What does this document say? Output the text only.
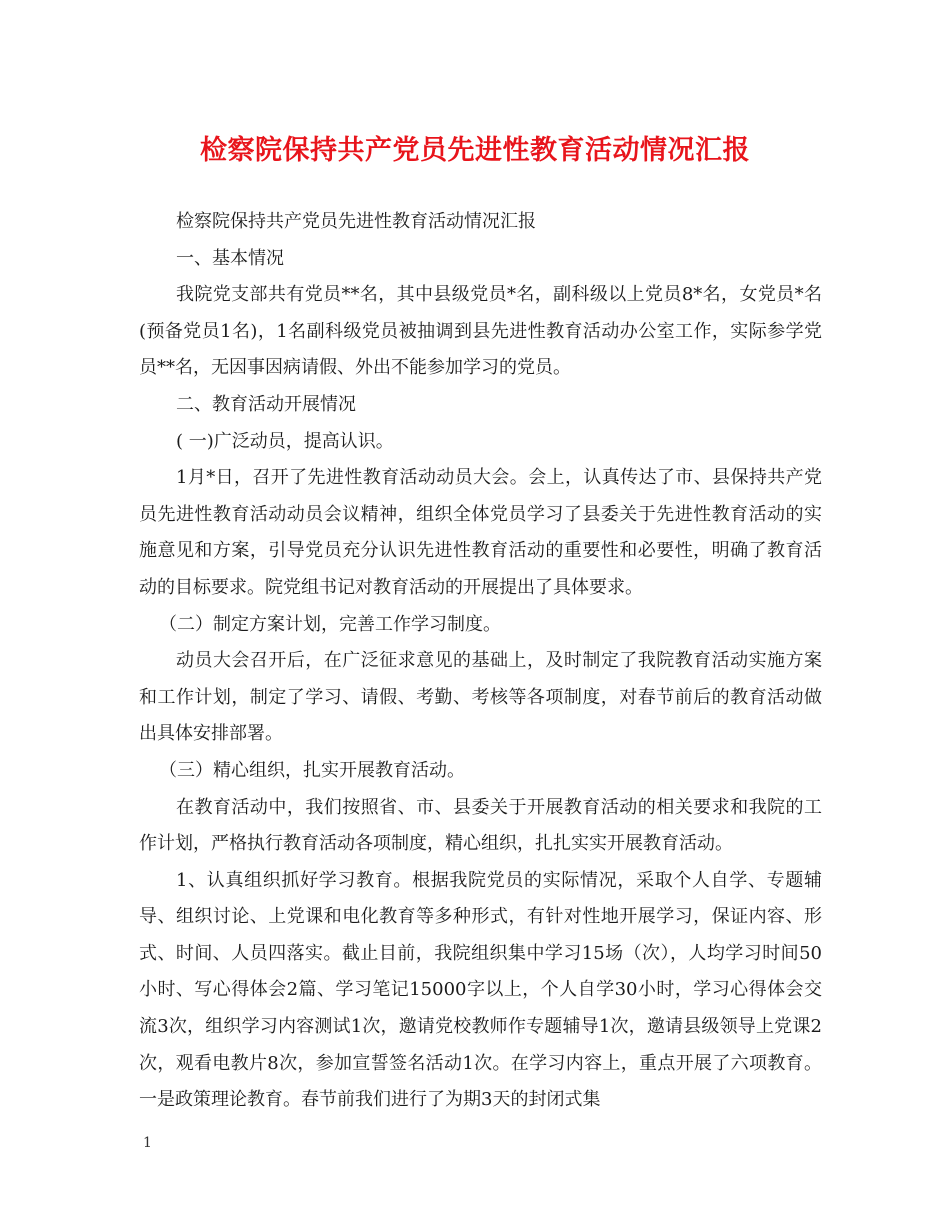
检察院保持共产党员先进性教育活动情况汇报

检察院保持共产党员先进性教育活动情况汇报

一、基本情况

我院党支部共有党员**名，其中县级党员*名，副科级以上党员8*名，女党员*名(预备党员1名)，1名副科级党员被抽调到县先进性教育活动办公室工作，实际参学党员**名，无因事因病请假、外出不能参加学习的党员。

二、教育活动开展情况

( 一)广泛动员，提高认识。

1月*日，召开了先进性教育活动动员大会。会上，认真传达了市、县保持共产党员先进性教育活动动员会议精神，组织全体党员学习了县委关于先进性教育活动的实施意见和方案，引导党员充分认识先进性教育活动的重要性和必要性，明确了教育活动的目标要求。院党组书记对教育活动的开展提出了具体要求。

（二）制定方案计划，完善工作学习制度。

动员大会召开后，在广泛征求意见的基础上，及时制定了我院教育活动实施方案和工作计划，制定了学习、请假、考勤、考核等各项制度，对春节前后的教育活动做出具体安排部署。

（三）精心组织，扎实开展教育活动。

在教育活动中，我们按照省、市、县委关于开展教育活动的相关要求和我院的工作计划，严格执行教育活动各项制度，精心组织，扎扎实实开展教育活动。

1、认真组织抓好学习教育。根据我院党员的实际情况，采取个人自学、专题辅导、组织讨论、上党课和电化教育等多种形式，有针对性地开展学习，保证内容、形式、时间、人员四落实。截止目前，我院组织集中学习15场（次），人均学习时间50小时、写心得体会2篇、学习笔记15000字以上，个人自学30小时，学习心得体会交流3次，组织学习内容测试1次，邀请党校教师作专题辅导1次，邀请县级领导上党课2次，观看电教片8次，参加宣誓签名活动1次。在学习内容上，重点开展了六项教育。一是政策理论教育。春节前我们进行了为期3天的封闭式集

1
